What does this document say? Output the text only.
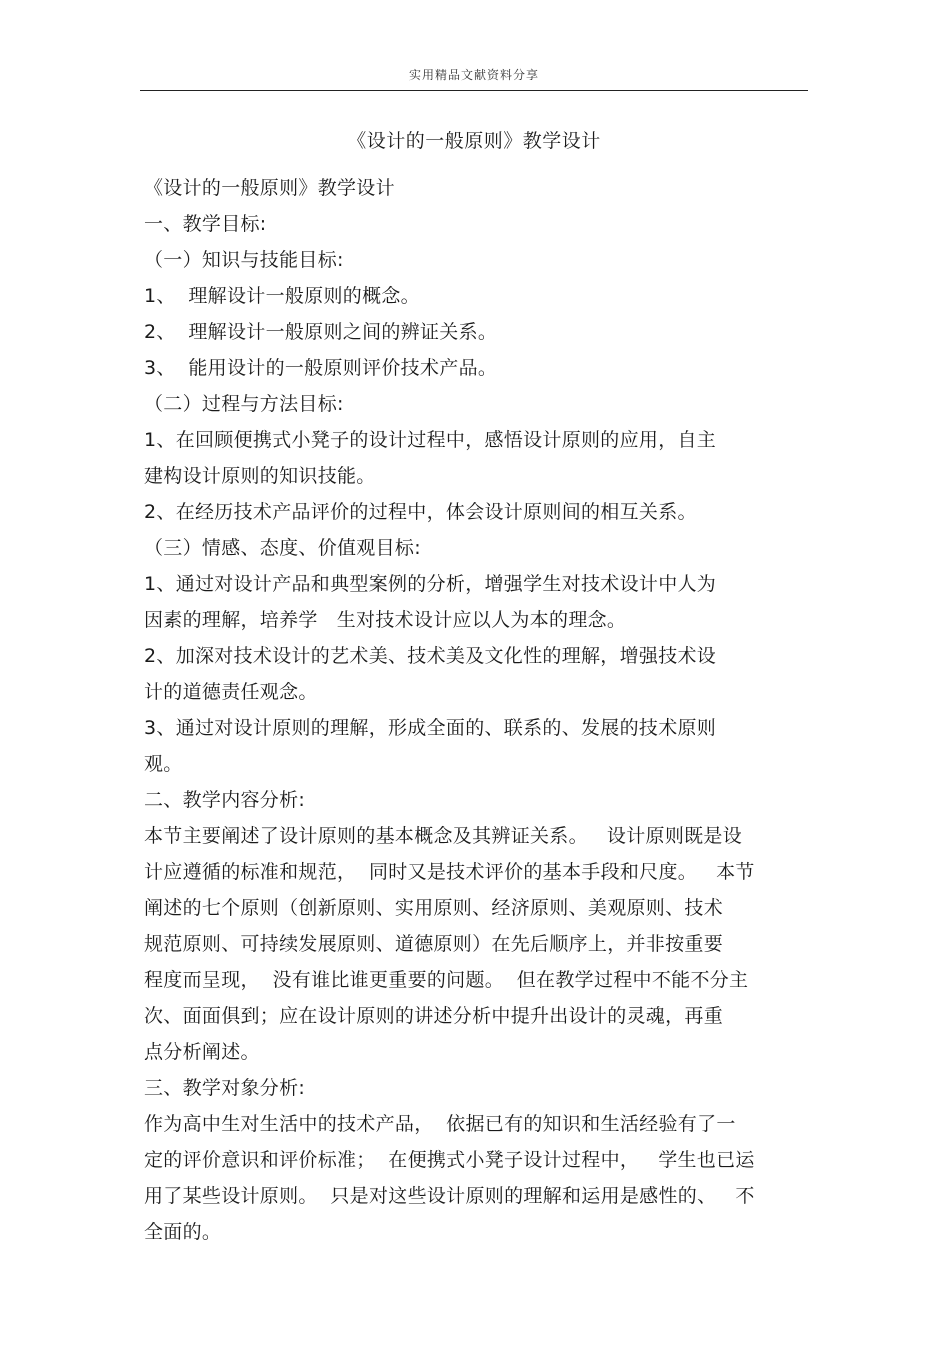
实用精品文献资料分享
《设计的一般原则》教学设计
《设计的一般原则》教学设计
一、教学目标:
（一）知识与技能目标:
1、  理解设计一般原则的概念。
2、  理解设计一般原则之间的辨证关系。
3、  能用设计的一般原则评价技术产品。
（二）过程与方法目标:
1、在回顾便携式小凳子的设计过程中，感悟设计原则的应用，自主
建构设计原则的知识技能。
2、在经历技术产品评价的过程中，体会设计原则间的相互关系。
（三）情感、态度、价值观目标:
1、通过对设计产品和典型案例的分析，增强学生对技术设计中人为
因素的理解，培养学   生对技术设计应以人为本的理念。
2、加深对技术设计的艺术美、技术美及文化性的理解，增强技术设
计的道德责任观念。
3、通过对设计原则的理解，形成全面的、联系的、发展的技术原则
观。
二、教学内容分析:
本节主要阐述了设计原则的基本概念及其辨证关系。   设计原则既是设
计应遵循的标准和规范，  同时又是技术评价的基本手段和尺度。   本节
阐述的七个原则（创新原则、实用原则、经济原则、美观原则、技术
规范原则、可持续发展原则、道德原则）在先后顺序上，并非按重要
程度而呈现，  没有谁比谁更重要的问题。  但在教学过程中不能不分主
次、面面俱到；应在设计原则的讲述分析中提升出设计的灵魂，再重
点分析阐述。
三、教学对象分析:
作为高中生对生活中的技术产品，  依据已有的知识和生活经验有了一
定的评价意识和评价标准；  在便携式小凳子设计过程中，   学生也已运
用了某些设计原则。  只是对这些设计原则的理解和运用是感性的、   不
全面的。
